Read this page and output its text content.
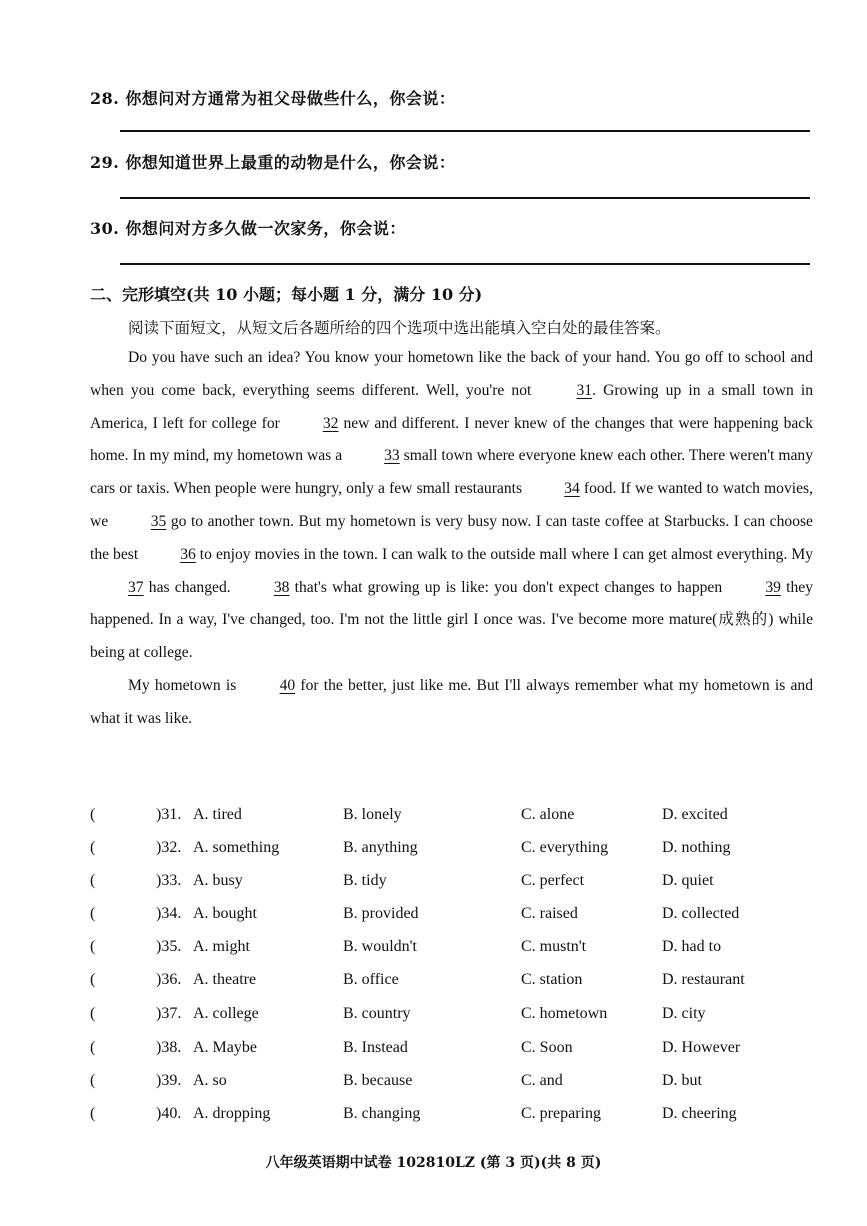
28. 你想问对方通常为祖父母做些什么，你会说：
29. 你想知道世界上最重的动物是什么，你会说：
30. 你想问对方多久做一次家务，你会说：
二、完形填空(共 10 小题；每小题 1 分，满分 10 分)
阅读下面短文，从短文后各题所给的四个选项中选出能填入空白处的最佳答案。

Do you have such an idea? You know your hometown like the back of your hand. You go off to school and when you come back, everything seems different. Well, you're not 31. Growing up in a small town in America, I left for college for 32 new and different. I never knew of the changes that were happening back home. In my mind, my hometown was a 33 small town where everyone knew each other. There weren't many cars or taxis. When people were hungry, only a few small restaurants 34 food. If we wanted to watch movies, we 35 go to another town. But my hometown is very busy now. I can taste coffee at Starbucks. I can choose the best 36 to enjoy movies in the town. I can walk to the outside mall where I can get almost everything. My 37 has changed. 38 that's what growing up is like: you don't expect changes to happen 39 they happened. In a way, I've changed, too. I'm not the little girl I once was. I've become more mature(成熟的) while being at college.

My hometown is 40 for the better, just like me. But I'll always remember what my hometown is and what it was like.

(	)31. A. tired	B. lonely	C. alone	D. excited
(	)32. A. something	B. anything	C. everything	D. nothing
(	)33. A. busy	B. tidy	C. perfect	D. quiet
(	)34. A. bought	B. provided	C. raised	D. collected
(	)35. A. might	B. wouldn't	C. mustn't	D. had to
(	)36. A. theatre	B. office	C. station	D. restaurant
(	)37. A. college	B. country	C. hometown	D. city
(	)38. A. Maybe	B. Instead	C. Soon	D. However
(	)39. A. so	B. because	C. and	D. but
(	)40. A. dropping	B. changing	C. preparing	D. cheering
八年级英语期中试卷 102810LZ (第 3 页)(共 8 页)
